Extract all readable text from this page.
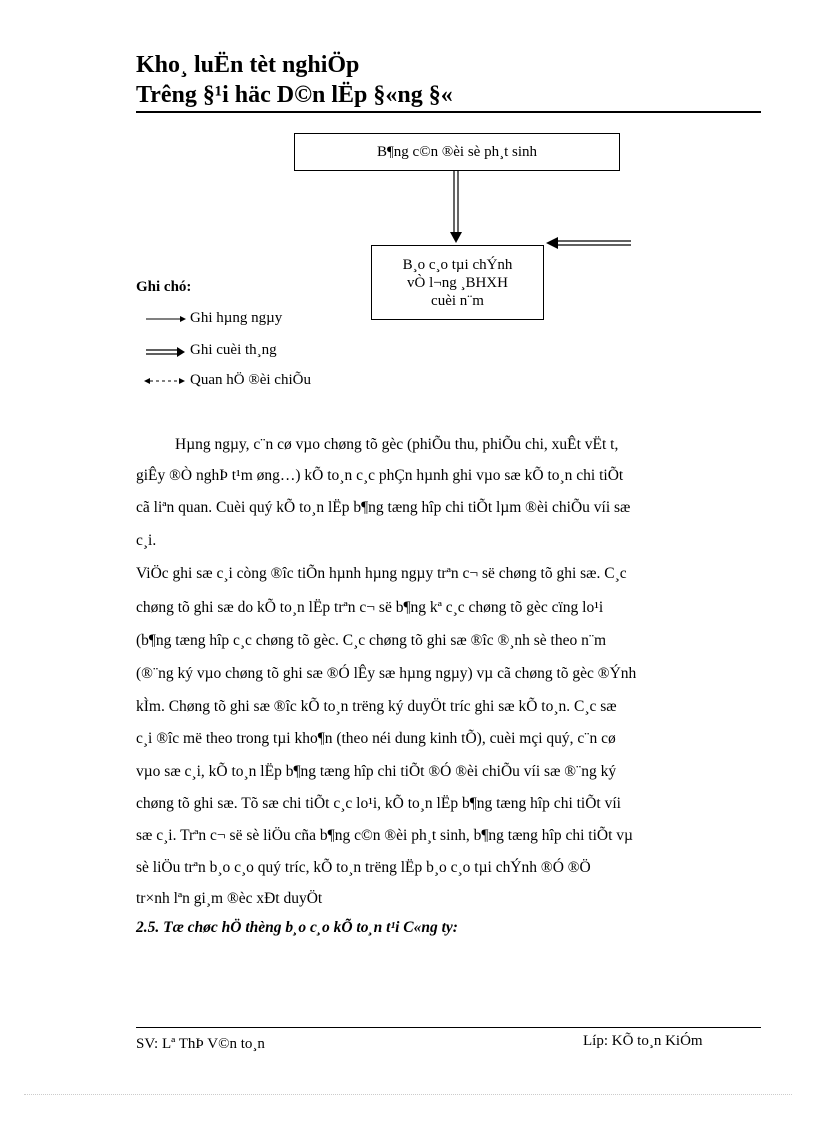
Kho¸ luËn tèt nghiÖp
Trêng §¹i häc D©n lËp §«ng §«
B¶ng c©n ®èi sè ph¸t sinh
B¸o c¸o tµi chÝnh
vÒ l¬ng ¸BHXH
cuèi n¨m
Ghi chó:
Ghi hµng ngµy
Ghi cuèi th¸ng
Quan hÖ ®èi chiÕu
Hµng ngµy, c¨n cø vµo chøng tõ gèc (phiÕu thu, phiÕu chi, xuÊt vËt t,
giÊy ®Ò nghÞ t¹m øng…) kÕ to¸n c¸c phÇn hµnh ghi vµo sæ kÕ to¸n chi tiÕt
cã liªn quan. Cuèi quý kÕ to¸n lËp b¶ng tæng hîp chi tiÕt lµm ®èi chiÕu víi sæ
c¸i.
ViÖc ghi sæ c¸i còng ®îc tiÕn hµnh hµng ngµy trªn c¬ së chøng tõ ghi sæ. C¸c
chøng tõ ghi sæ do kÕ to¸n lËp trªn c¬ së b¶ng kª c¸c chøng tõ gèc cïng lo¹i
(b¶ng tæng hîp c¸c chøng tõ gèc. C¸c chøng tõ ghi sæ ®îc ®¸nh sè theo n¨m
(®¨ng ký vµo chøng tõ ghi sæ ®Ó lÊy sæ hµng ngµy) vµ cã chøng tõ gèc ®Ýnh
kÌm. Chøng tõ ghi sæ ®îc kÕ to¸n trëng ký duyÖt tríc ghi sæ kÕ to¸n. C¸c sæ
c¸i ®îc më theo trong tµi kho¶n (theo néi dung kinh tÕ), cuèi mçi quý, c¨n cø
vµo sæ c¸i, kÕ to¸n lËp b¶ng tæng hîp chi tiÕt ®Ó ®èi chiÕu víi sæ ®¨ng ký
chøng tõ ghi sæ. Tõ sæ chi tiÕt c¸c lo¹i, kÕ to¸n lËp b¶ng tæng hîp chi tiÕt víi
sæ c¸i. Trªn c¬ së sè liÖu cña b¶ng c©n ®èi ph¸t sinh, b¶ng tæng hîp chi tiÕt vµ
sè liÖu trªn b¸o c¸o quý tríc, kÕ to¸n trëng lËp b¸o c¸o tµi chÝnh ®Ó ®Ö
tr×nh lªn gi¸m ®èc xÐt duyÖt
2.5. Tæ chøc hÖ thèng b¸o c¸o kÕ to¸n t¹i C«ng ty:
SV: Lª ThÞ V©n to¸n	Líp: KÕ to¸n KiÓm
